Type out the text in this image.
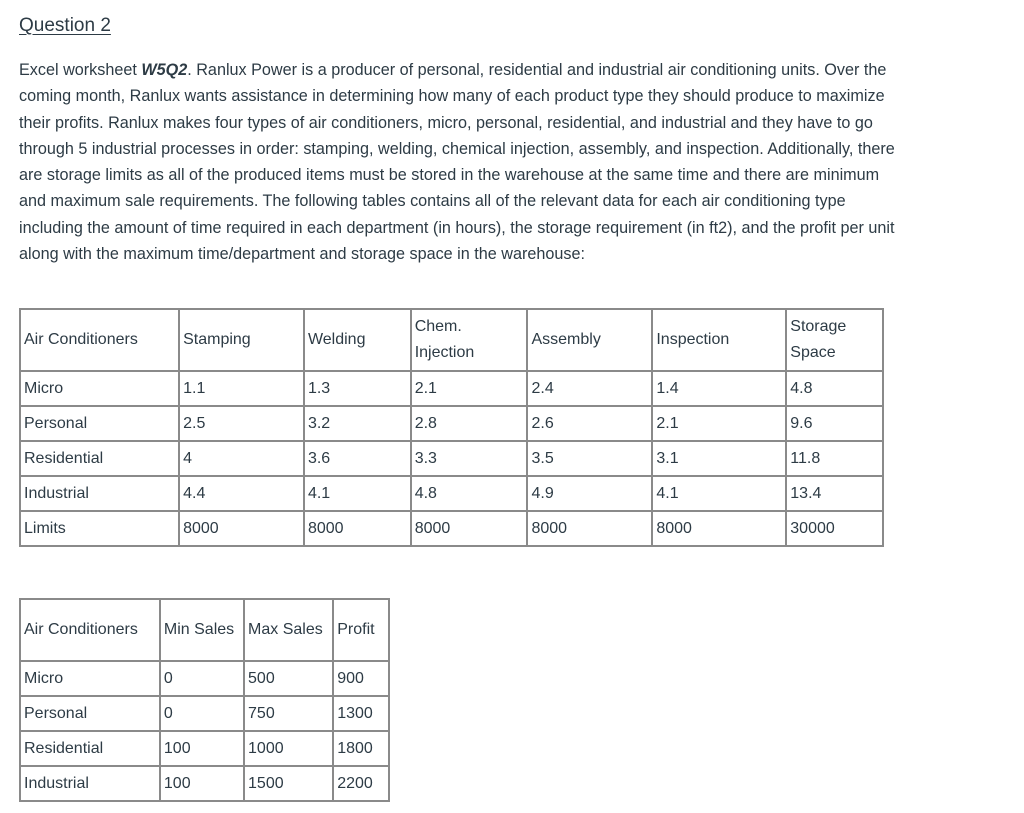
Question 2

Excel worksheet W5Q2. Ranlux Power is a producer of personal, residential and industrial air conditioning units. Over the coming month, Ranlux wants assistance in determining how many of each product type they should produce to maximize their profits. Ranlux makes four types of air conditioners, micro, personal, residential, and industrial and they have to go through 5 industrial processes in order: stamping, welding, chemical injection, assembly, and inspection. Additionally, there are storage limits as all of the produced items must be stored in the warehouse at the same time and there are minimum and maximum sale requirements. The following tables contains all of the relevant data for each air conditioning type including the amount of time required in each department (in hours), the storage requirement (in ft2), and the profit per unit along with the maximum time/department and storage space in the warehouse:

Air Conditioners	Stamping	Welding	Chem. Injection	Assembly	Inspection	Storage Space
Micro	1.1	1.3	2.1	2.4	1.4	4.8
Personal	2.5	3.2	2.8	2.6	2.1	9.6
Residential	4	3.6	3.3	3.5	3.1	11.8
Industrial	4.4	4.1	4.8	4.9	4.1	13.4
Limits	8000	8000	8000	8000	8000	30000
Air Conditioners	Min Sales	Max Sales	Profit
Micro	0	500	900
Personal	0	750	1300
Residential	100	1000	1800
Industrial	100	1500	2200
